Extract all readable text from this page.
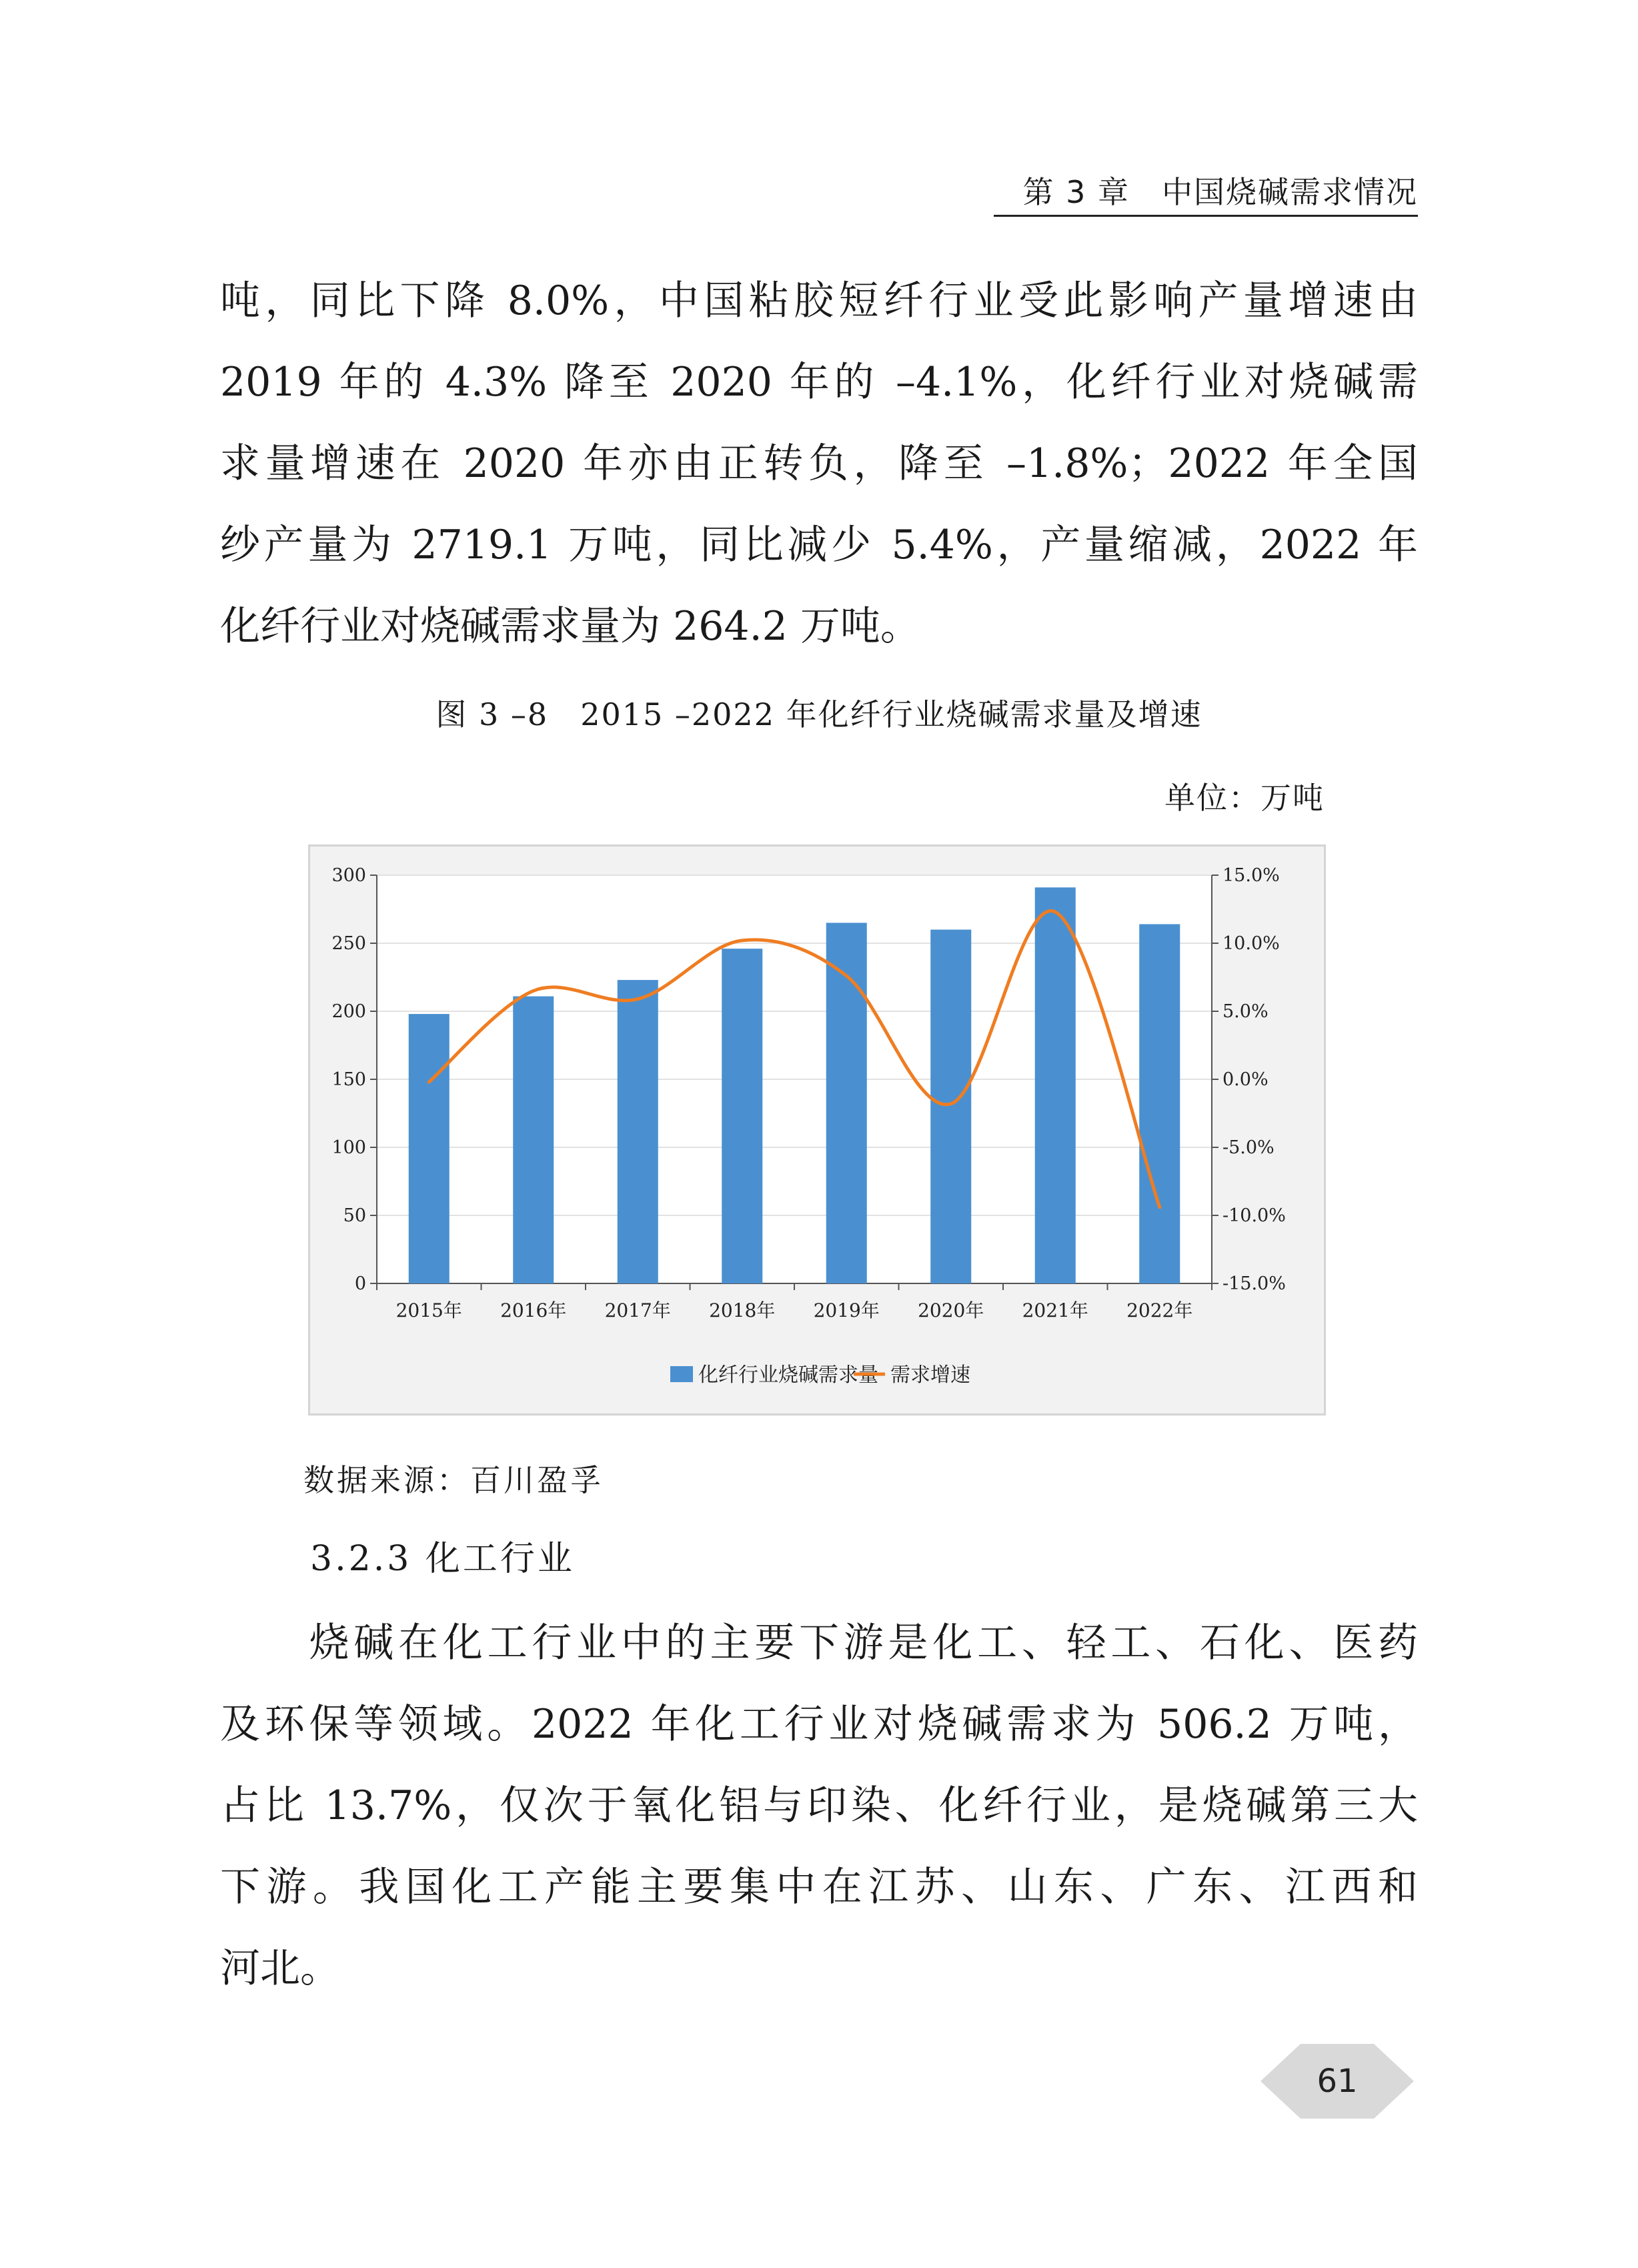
第 3 章　中国烧碱需求情况
吨，同比下降 8.0%，中国粘胶短纤行业受此影响产量增速由
2019 年的 4.3% 降至 2020 年的 –4.1%，化纤行业对烧碱需
求量增速在 2020 年亦由正转负，降至 –1.8%；2022 年全国
纱产量为 2719.1 万吨，同比减少 5.4%，产量缩减，2022 年
化纤行业对烧碱需求量为 264.2 万吨。
图 3 –8　2015 –2022 年化纤行业烧碱需求量及增速
单位：万吨
0
50
100
150
200
250
300
-15.0%
-10.0%
-5.0%
0.0%
5.0%
10.0%
15.0%
2015年 2016年 2017年 2018年 2019年 2020年 2021年 2022年
化纤行业烧碱需求量 需求增速
数据来源：百川盈孚
3.2.3 化工行业
　　烧碱在化工行业中的主要下游是化工、轻工、石化、医药
及环保等领域。2022 年化工行业对烧碱需求为 506.2 万吨，
占比 13.7%，仅次于氧化铝与印染、化纤行业，是烧碱第三大
下游。我国化工产能主要集中在江苏、山东、广东、江西和
河北。
61
